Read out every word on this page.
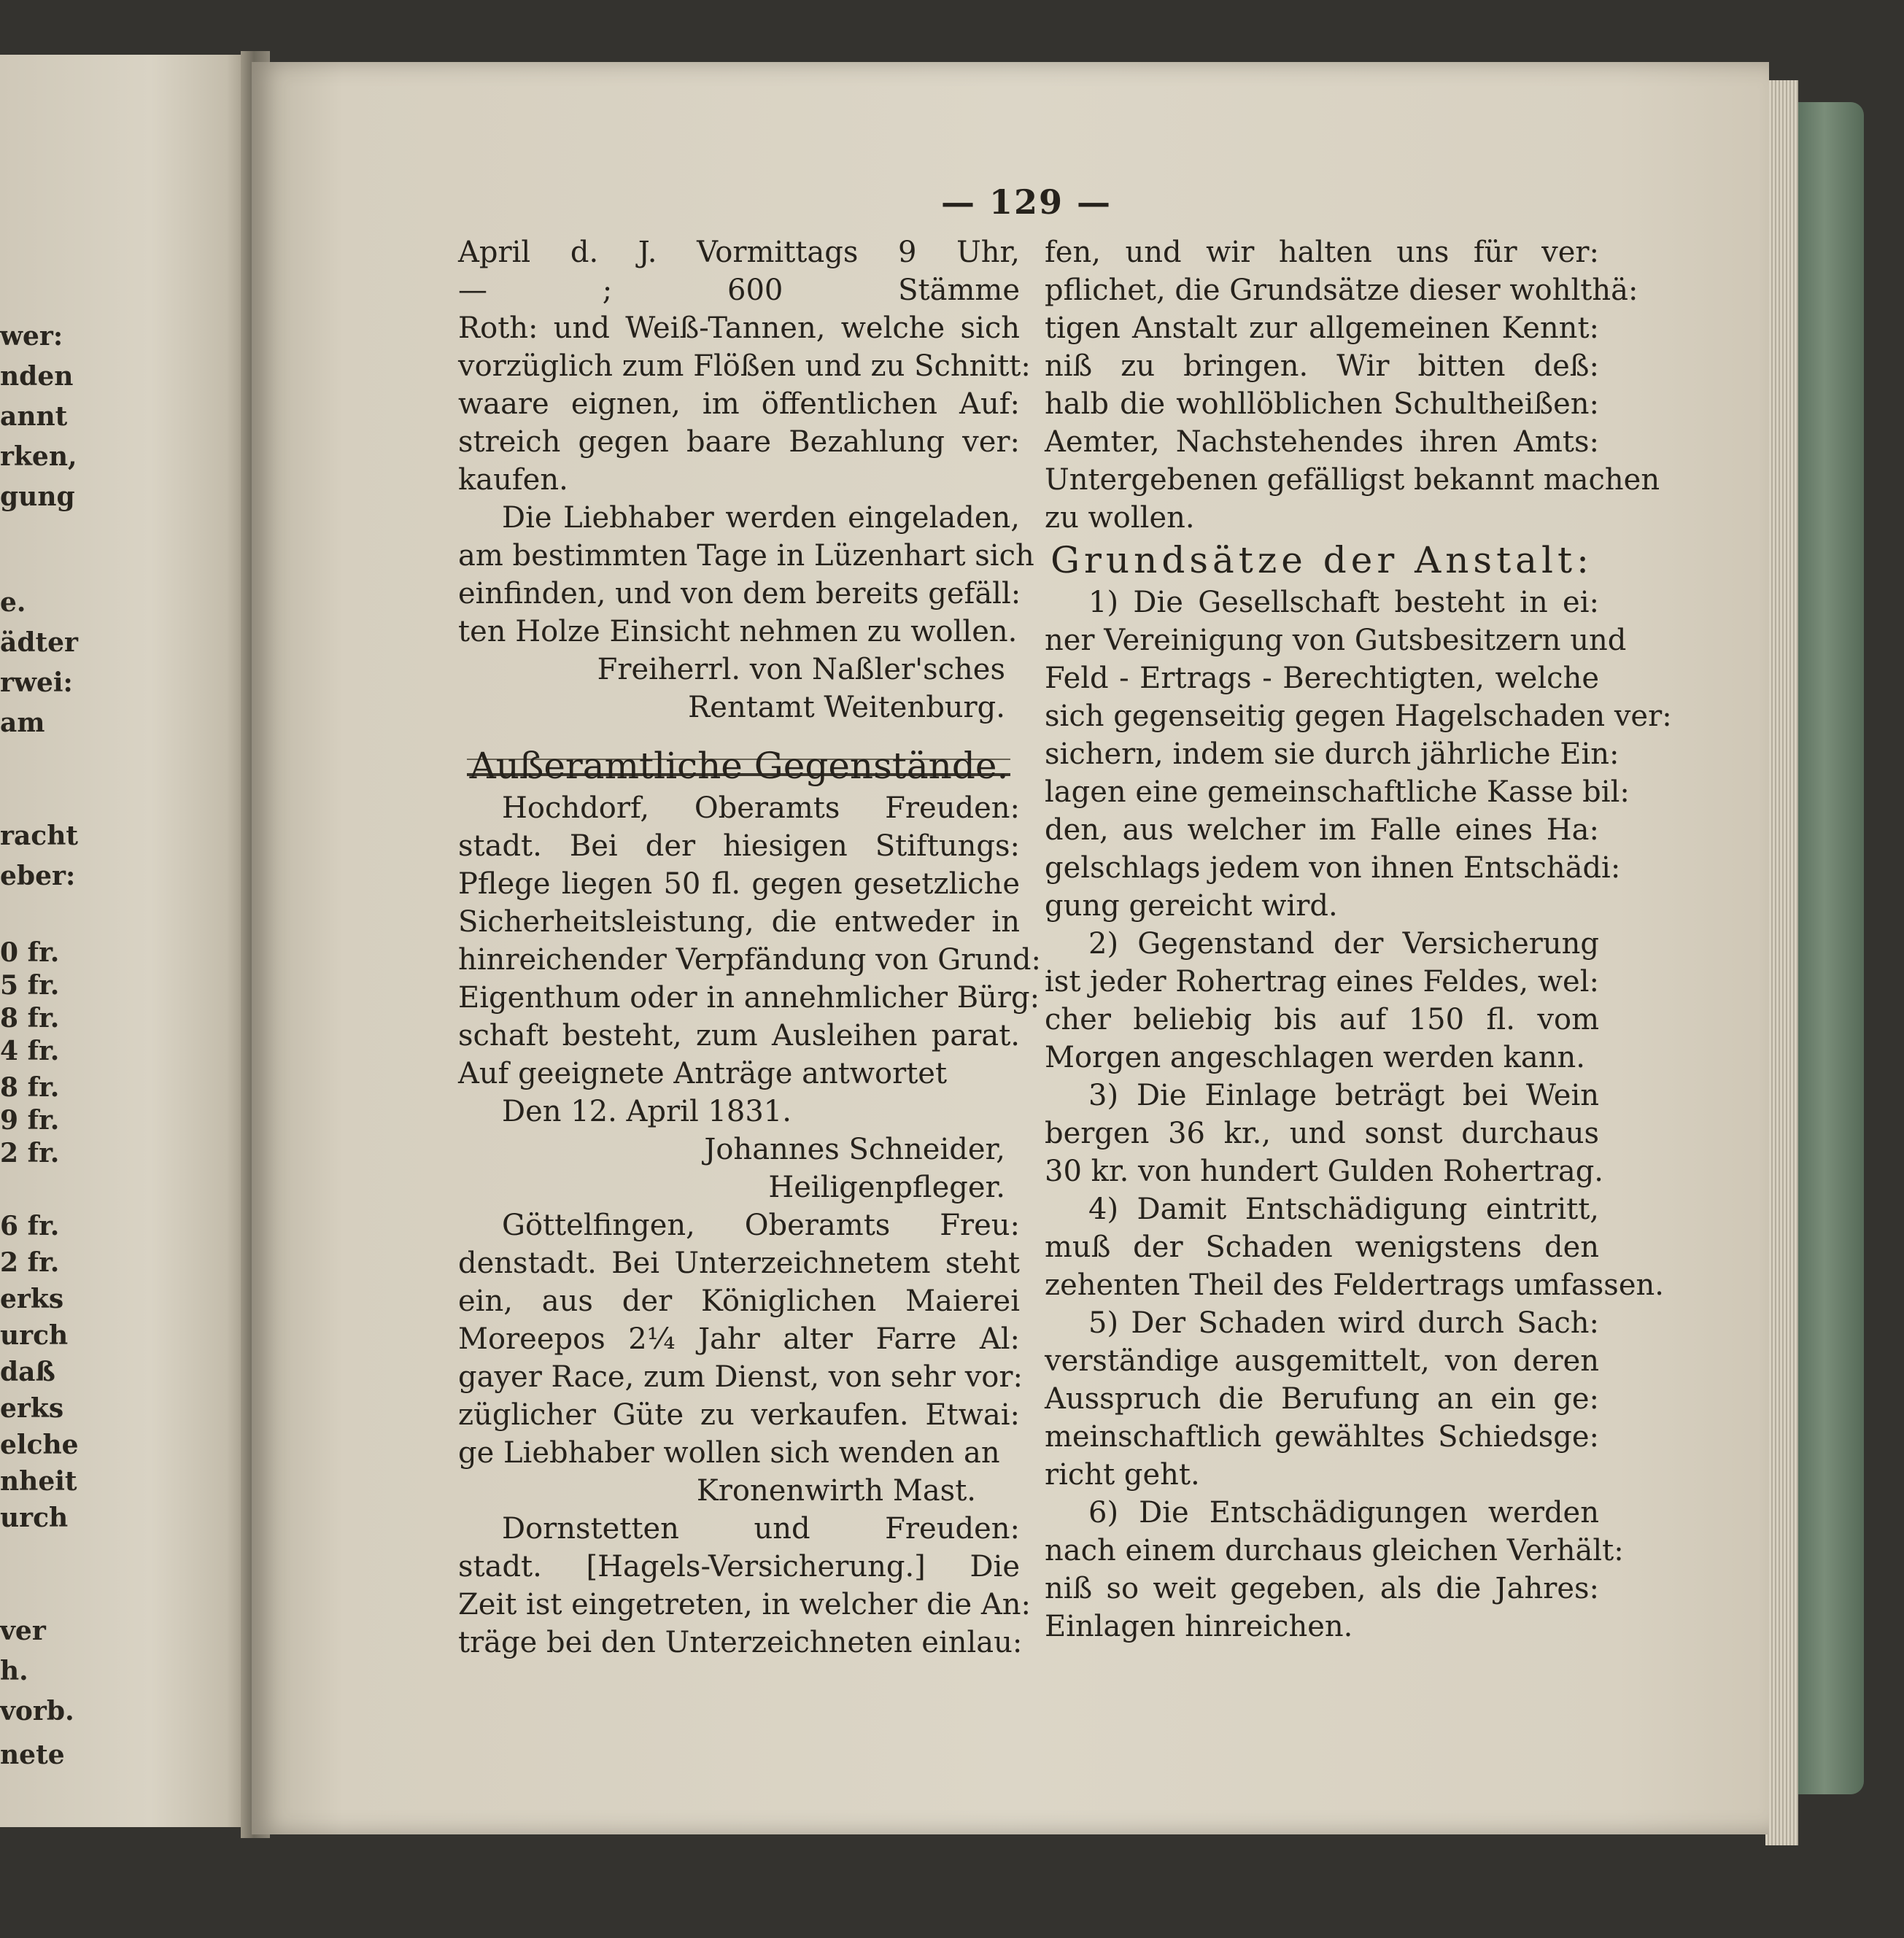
wer:
nden
annt
rken,
gung
e.
ädter
rwei:
am
racht
eber:
0 fr.
5 fr.
8 fr.
4 fr.
8 fr.
9 fr.
2 fr.
6 fr.
2 fr.
erks
urch
daß
erks
elche
nheit
urch
ver
h.
vorb.
nete
— 129 —
April d. J. Vormittags 9 Uhr,
— ; 600 Stämme
Roth: und Weiß-Tannen, welche sich
vorzüglich zum Flößen und zu Schnitt:
waare eignen, im öffentlichen Auf:
streich gegen baare Bezahlung ver:
kaufen.
Die Liebhaber werden eingeladen,
am bestimmten Tage in Lüzenhart sich
einfinden, und von dem bereits gefäll:
ten Holze Einsicht nehmen zu wollen.
Freiherrl. von Naßler'sches
Rentamt Weitenburg.
Außeramtliche Gegenstände.
Hochdorf, Oberamts Freuden:
stadt. Bei der hiesigen Stiftungs:
Pflege liegen 50 fl. gegen gesetzliche
Sicherheitsleistung, die entweder in
hinreichender Verpfändung von Grund:
Eigenthum oder in annehmlicher Bürg:
schaft besteht, zum Ausleihen parat.
Auf geeignete Anträge antwortet
Den 12. April 1831.
Johannes Schneider,
Heiligenpfleger.
Göttelfingen, Oberamts Freu:
denstadt. Bei Unterzeichnetem steht
ein, aus der Königlichen Maierei
Moreepos 2¼ Jahr alter Farre Al:
gayer Race, zum Dienst, von sehr vor:
züglicher Güte zu verkaufen. Etwai:
ge Liebhaber wollen sich wenden an
Kronenwirth Mast.
Dornstetten und Freuden:
stadt. [Hagels-Versicherung.] Die
Zeit ist eingetreten, in welcher die An:
träge bei den Unterzeichneten einlau:
fen, und wir halten uns für ver:
pflichet, die Grundsätze dieser wohlthä:
tigen Anstalt zur allgemeinen Kennt:
niß zu bringen. Wir bitten deß:
halb die wohllöblichen Schultheißen:
Aemter, Nachstehendes ihren Amts:
Untergebenen gefälligst bekannt machen
zu wollen.
Grundsätze der Anstalt:
1) Die Gesellschaft besteht in ei:
ner Vereinigung von Gutsbesitzern und
Feld - Ertrags - Berechtigten, welche
sich gegenseitig gegen Hagelschaden ver:
sichern, indem sie durch jährliche Ein:
lagen eine gemeinschaftliche Kasse bil:
den, aus welcher im Falle eines Ha:
gelschlags jedem von ihnen Entschädi:
gung gereicht wird.
2) Gegenstand der Versicherung
ist jeder Rohertrag eines Feldes, wel:
cher beliebig bis auf 150 fl. vom
Morgen angeschlagen werden kann.
3) Die Einlage beträgt bei Wein
bergen 36 kr., und sonst durchaus
30 kr. von hundert Gulden Rohertrag.
4) Damit Entschädigung eintritt,
muß der Schaden wenigstens den
zehenten Theil des Feldertrags umfassen.
5) Der Schaden wird durch Sach:
verständige ausgemittelt, von deren
Ausspruch die Berufung an ein ge:
meinschaftlich gewähltes Schiedsge:
richt geht.
6) Die Entschädigungen werden
nach einem durchaus gleichen Verhält:
niß so weit gegeben, als die Jahres:
Einlagen hinreichen.
